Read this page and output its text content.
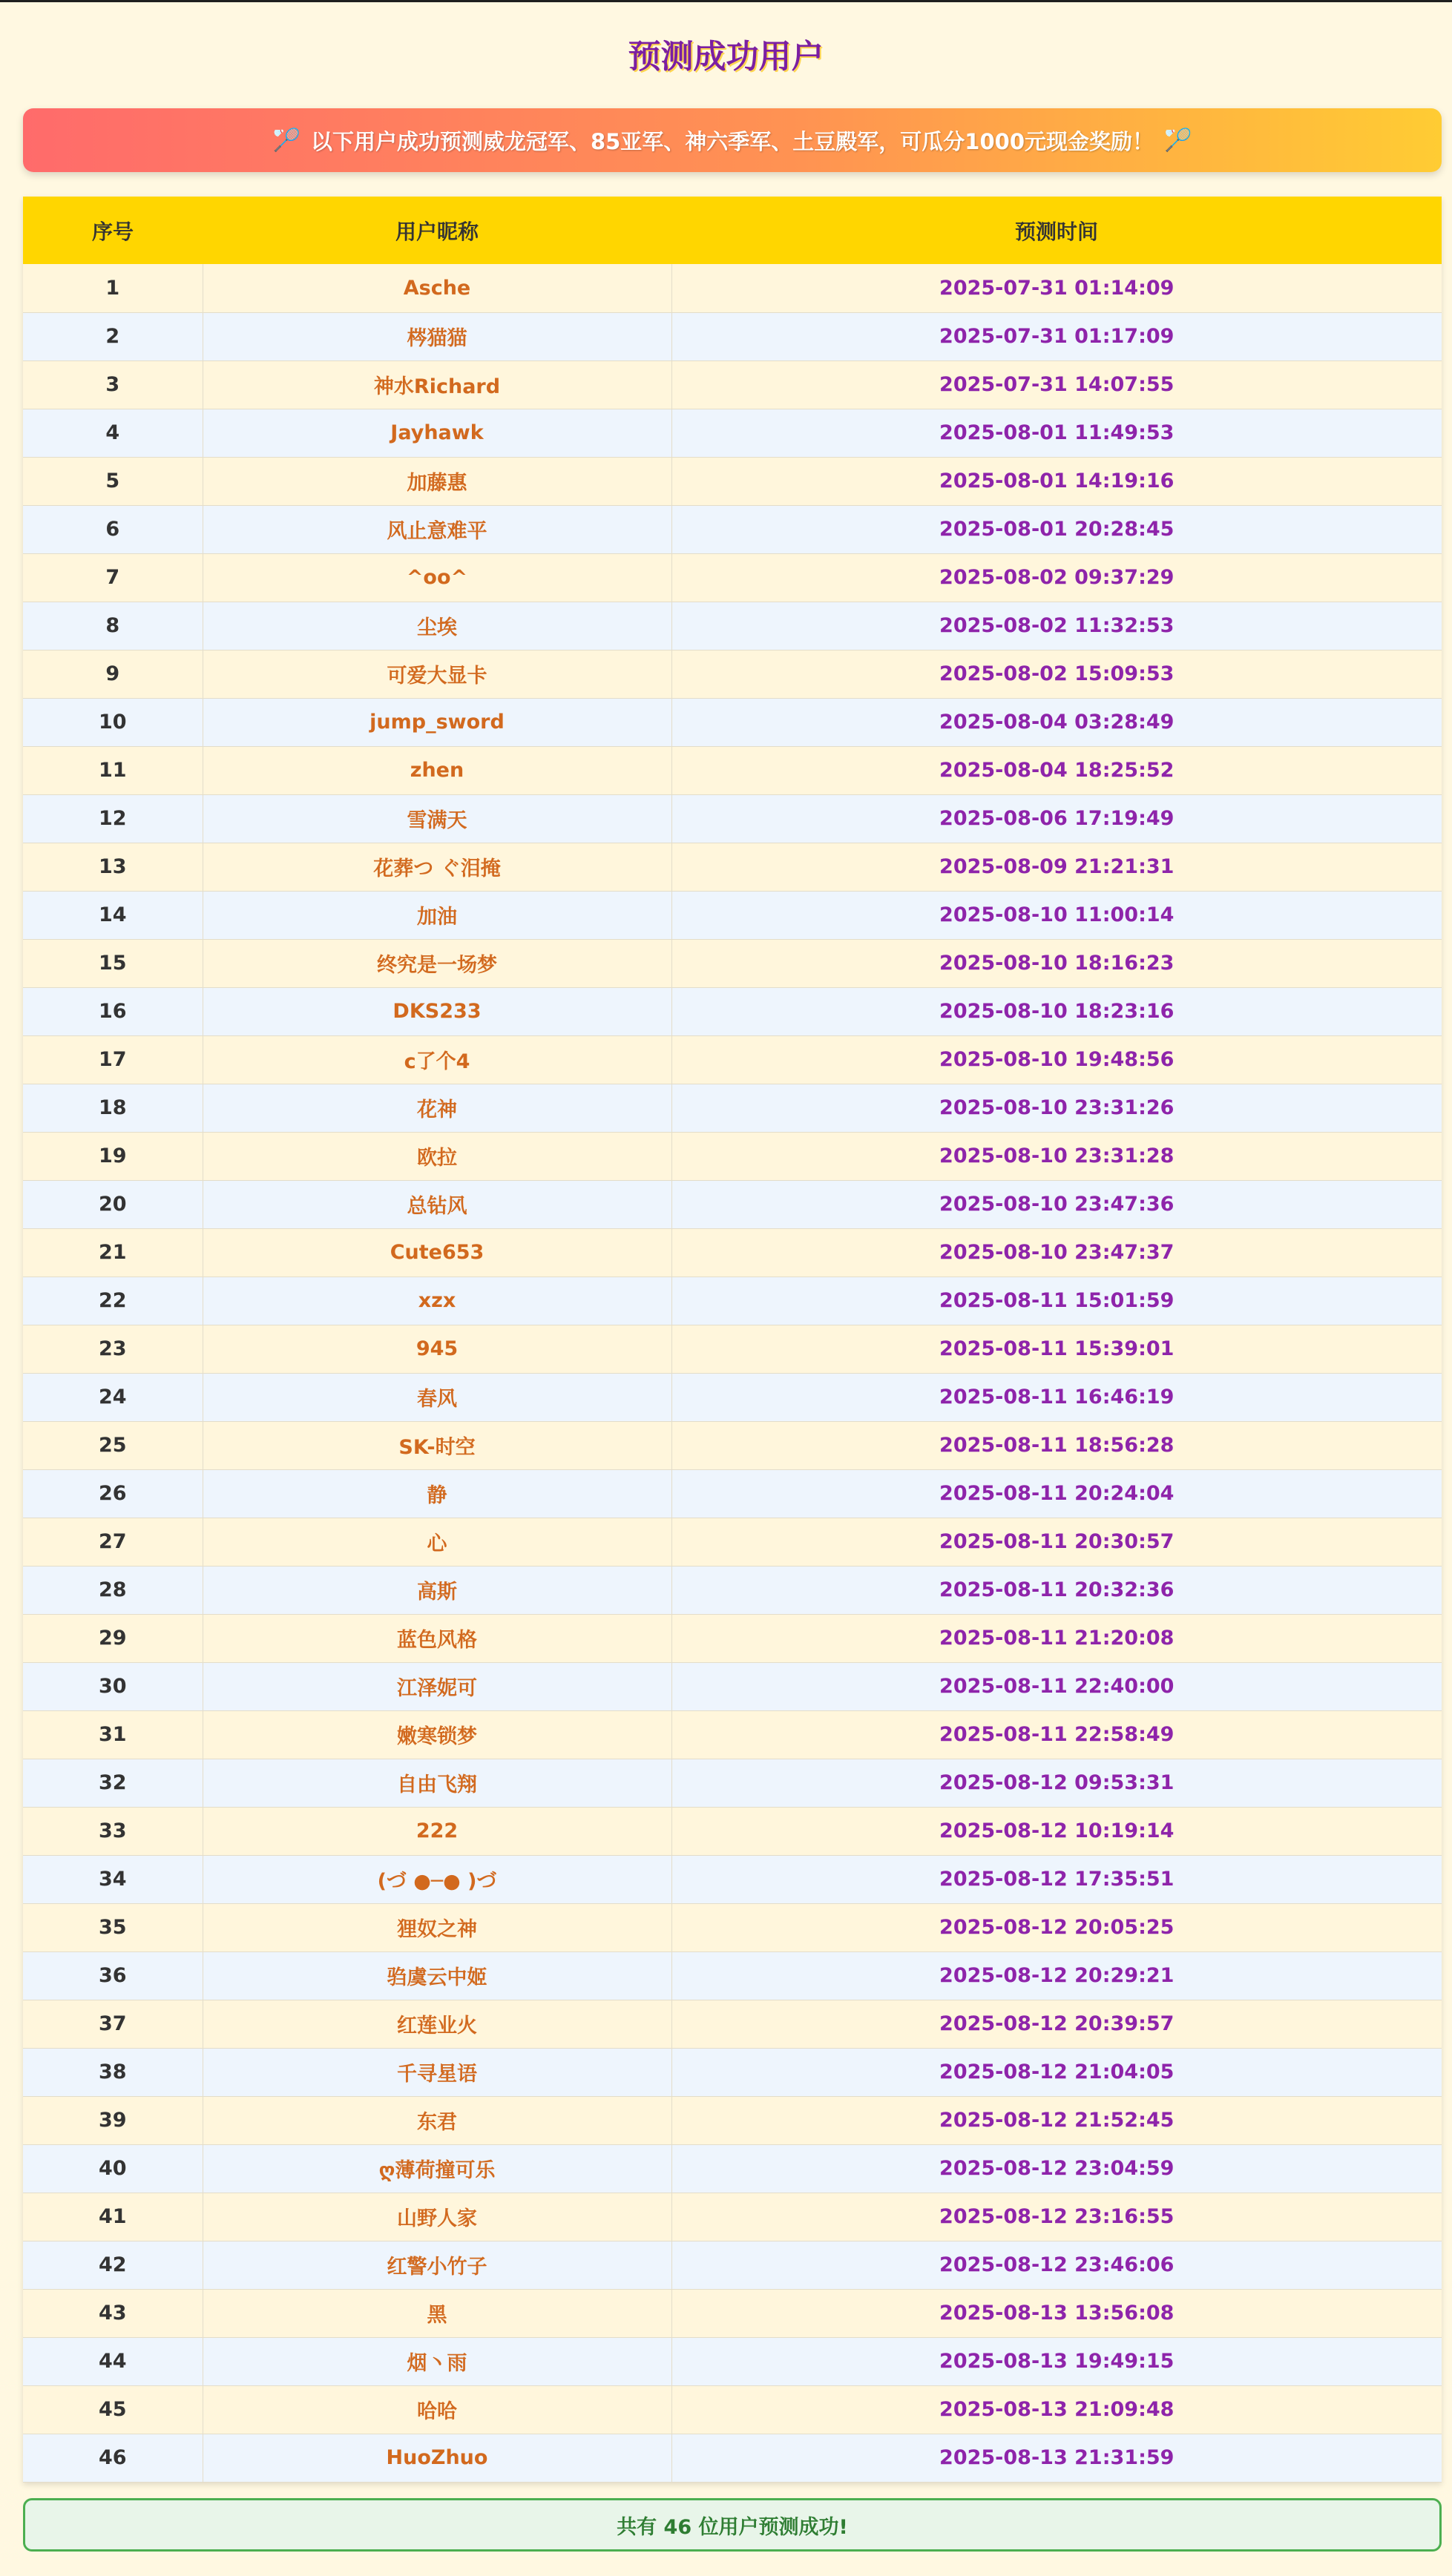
预测成功用户
🏸 以下用户成功预测威龙冠军、85亚军、神六季军、土豆殿军，可瓜分1000元现金奖励！ 🏸
序号	用户昵称	预测时间
1	Asche	2025-07-31 01:14:09
2	梣猫猫	2025-07-31 01:17:09
3	神水Richard	2025-07-31 14:07:55
4	Jayhawk	2025-08-01 11:49:53
5	加藤惠	2025-08-01 14:19:16
6	风止意难平	2025-08-01 20:28:45
7	^oo^	2025-08-02 09:37:29
8	尘埃	2025-08-02 11:32:53
9	可爱大显卡	2025-08-02 15:09:53
10	jump_sword	2025-08-04 03:28:49
11	zhen	2025-08-04 18:25:52
12	雪满天	2025-08-06 17:19:49
13	花葬つ ぐ泪掩	2025-08-09 21:21:31
14	加油	2025-08-10 11:00:14
15	终究是一场梦	2025-08-10 18:16:23
16	DKS233	2025-08-10 18:23:16
17	c了个4	2025-08-10 19:48:56
18	花神	2025-08-10 23:31:26
19	欧拉	2025-08-10 23:31:28
20	总钻风	2025-08-10 23:47:36
21	Cute653	2025-08-10 23:47:37
22	xzx	2025-08-11 15:01:59
23	945	2025-08-11 15:39:01
24	春风	2025-08-11 16:46:19
25	SK-时空	2025-08-11 18:56:28
26	静	2025-08-11 20:24:04
27	心	2025-08-11 20:30:57
28	高斯	2025-08-11 20:32:36
29	蓝色风格	2025-08-11 21:20:08
30	江泽妮可	2025-08-11 22:40:00
31	嫩寒锁梦	2025-08-11 22:58:49
32	自由飞翔	2025-08-12 09:53:31
33	222	2025-08-12 10:19:14
34	(づ ●─● )づ	2025-08-12 17:35:51
35	狸奴之神	2025-08-12 20:05:25
36	驺虞云中姬	2025-08-12 20:29:21
37	红莲业火	2025-08-12 20:39:57
38	千寻星语	2025-08-12 21:04:05
39	东君	2025-08-12 21:52:45
40	ღ薄荷撞可乐	2025-08-12 23:04:59
41	山野人家	2025-08-12 23:16:55
42	红警小竹子	2025-08-12 23:46:06
43	黑	2025-08-13 13:56:08
44	烟丶雨	2025-08-13 19:49:15
45	哈哈	2025-08-13 21:09:48
46	HuoZhuo	2025-08-13 21:31:59
共有 46 位用户预测成功!
